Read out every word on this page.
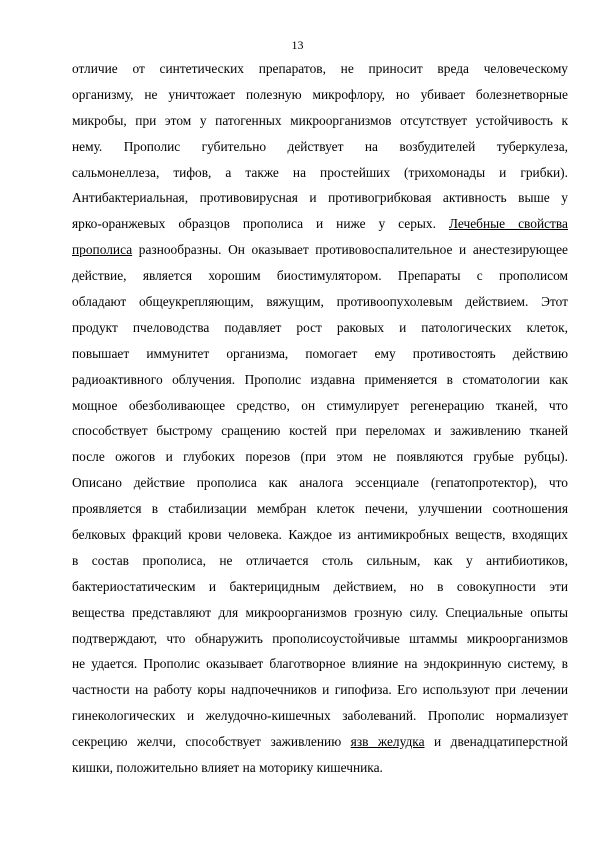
13
отличие от синтетических препаратов, не приносит вреда человеческому
организму, не уничтожает полезную микрофлору, но убивает болезнетворные
микробы, при этом у патогенных микроорганизмов отсутствует устойчивость к
нему. Прополис губительно действует на возбудителей туберкулеза,
сальмонеллеза, тифов, а также на простейших (трихомонады и грибки).
Антибактериальная, противовирусная и противогрибковая активность выше у
ярко-оранжевых образцов прополиса и ниже у серых. Лечебные свойства
прополиса разнообразны. Он оказывает противовоспалительное и анестезирующее
действие, является хорошим биостимулятором. Препараты с прополисом
обладают общеукрепляющим, вяжущим, противоопухолевым действием. Этот
продукт пчеловодства подавляет рост раковых и патологических клеток,
повышает иммунитет организма, помогает ему противостоять действию
радиоактивного облучения. Прополис издавна применяется в стоматологии как
мощное обезболивающее средство, он стимулирует регенерацию тканей, что
способствует быстрому сращению костей при переломах и заживлению тканей
после ожогов и глубоких порезов (при этом не появляются грубые рубцы).
Описано действие прополиса как аналога эссенциале (гепатопротектор), что
проявляется в стабилизации мембран клеток печени, улучшении соотношения
белковых фракций крови человека. Каждое из антимикробных веществ, входящих
в состав прополиса, не отличается столь сильным, как у антибиотиков,
бактериостатическим и бактерицидным действием, но в совокупности эти
вещества представляют для микроорганизмов грозную силу. Специальные опыты
подтверждают, что обнаружить прополисоустойчивые штаммы микроорганизмов
не удается. Прополис оказывает благотворное влияние на эндокринную систему, в
частности на работу коры надпочечников и гипофиза. Его используют при лечении
гинекологических и желудочно-кишечных заболеваний. Прополис нормализует
секрецию желчи, способствует заживлению язв желудка и двенадцатиперстной
кишки, положительно влияет на моторику кишечника.
